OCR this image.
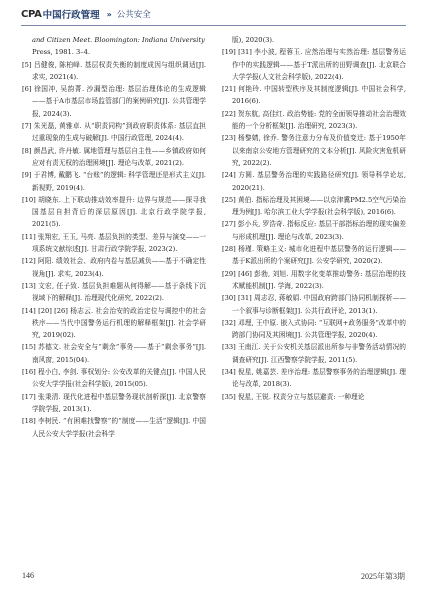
CPA 中国行政管理 » 公共安全

and Citizen Meet. Bloomington: Indiana University

Press, 1981. 3–4.

[5] 吕健俊, 陈柏峰. 基层权责失衡的制度成因与组织调适[J]. 求实, 2021(4).

[6] 徐国冲, 吴韵菁. 沙漏型治理: 基层治理体论的生成逻辑——基于A市基层市场监管部门的案例研究[J]. 公共管理学报, 2024(3).

[7] 朱光磊, 黄雅卓. 从“职责同构”到政府职责体系: 基层直担过重现象的生成与破解[J]. 中国行政管理, 2024(4).

[8] 颜昌武, 许丹敏. 属地管理与基层自主性——乡镇政府如何应对有责无权的治理困境[J]. 理论与改革, 2021(2).

[9] 于君博, 戴鹏飞. “台账”的逻辑: 科学管理还是形式主义[J]. 新视野, 2019(4).

[10] 胡晓东. 上下联动推动效率提升: 边界与规范——探寻我国基层自担背后的深层原因[J]. 北京行政学院学报, 2021(5).

[11] 张翔宏, 王玉, 马亮. 基层负担的类型、差异与演变——一项系统文献综述[J]. 甘肃行政学院学报, 2023(2).

[12] 阿阳. 绩效社会、政府内卷与基层减负——基于不确定性视角[J]. 求实, 2023(4).

[13] 文宏, 任子致. 基层负担难题从何得解——基于条线下沉视域下的解释[J]. 治理现代化研究, 2022(2).

[14] [20] [26] 杨志云. 社会治安的政治定位与调控中的社会秩序——当代中国警务运行机理的解释框架[J]. 社会学研究, 2019(02).

[15] 苏德文. 社会安全与“剩余”事务——基于“剩余事务”[J]. 南风窗, 2015(04).

[16] 程小白, 李剑. 事权划分: 公安改革的关键点[J]. 中国人民公安大学学报(社会科学版), 2015(05).

[17] 张秉清. 现代化进程中基层警务现状剖析探[J]. 北京警察学院学报, 2013(1).

[18] 李树民. “有困难找警察”的“制度——生活”逻辑[J]. 中国人民公安大学学报(社会科学

版), 2020(3).

[19] [31] 李小波, 程蓉玉. 应然治理与实然治理: 基层警务运作中的实践逻辑——基于T派出所的田野调查[J]. 北京联合大学学报(人文社会科学版), 2022(4).

[21] 何艳玲. 中国转型秩序及其制度逻辑[J]. 中国社会科学, 2016(6).

[22] 贺东航, 高佳红. 政治势能: 党的全面领导推动社会治理效能的一个分析框架[J]. 治理研究, 2023(3).

[23] 杨黎婧, 徐乔. 警务注意力分布及价值变迁: 基于1950年以来南京公安地方管理研究的文本分析[J]. 风险灾害危机研究, 2022(2).

[24] 方圆. 基层警务治理的实践路径研究[J]. 领导科学论坛, 2020(21).

[25] 黄伯. 指标治理及其困境——以京津冀PM2.5空气污染治理为例[J]. 哈尔滨工业大学学报(社会科学版), 2016(6).

[27] 彭小兵, 罗浩奇. 指标反应: 基层干部指标治理的现实偏差与形成机理[J]. 理论与改革, 2023(3).

[28] 杨瑾. 策略主义: 城市化进程中基层警务的运行逻辑——基于K派出所的个案研究[J]. 公安学研究, 2020(2).

[29] [46] 彭勃, 刘旭. 用数字化变革推动警务: 基层治理的技术赋能机制[J]. 学海, 2022(3).

[30] [31] 周志忍, 蒋敏娟. 中国政府跨部门协同机制探析——一个叙事与诊断框架[J]. 公共行政评论, 2013(1).

[32] 邓理, 王中原. 嵌入式协同: “互联网+政务服务”改革中的跨部门协同及其困境[J]. 公共管理学报, 2020(4).

[33] 王南江. 关于公安机关基层派出所参与非警务活动情况的调查研究[J]. 江西警察学院学报, 2011(5).

[34] 倪星, 姚嘉芸. 差序治理: 基层警察事务的治理逻辑[J]. 理论与改革, 2018(3).

[35] 倪星, 王锐. 权责分立与基层避责: 一种理论

146	2025年第3期
